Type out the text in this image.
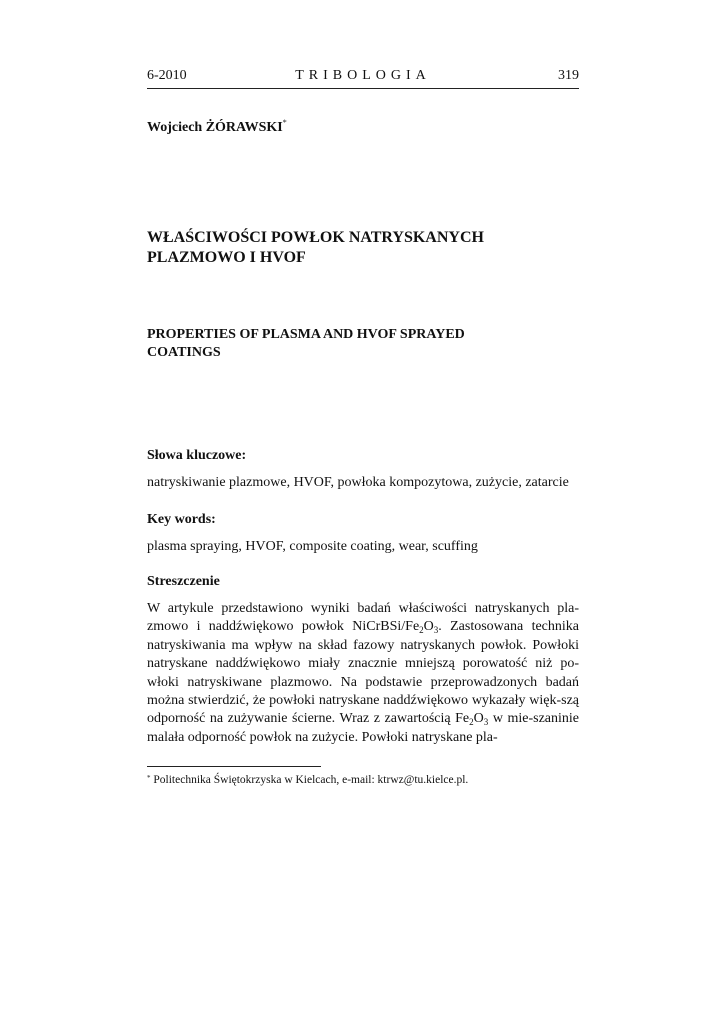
6-2010	TRIBOLOGIA	319
Wojciech ŻÓRAWSKI*
WŁAŚCIWOŚCI POWŁOK NATRYSKANYCH
PLAZMOWO I HVOF
PROPERTIES OF PLASMA AND HVOF SPRAYED
COATINGS
Słowa kluczowe:
natryskiwanie plazmowe, HVOF, powłoka kompozytowa, zużycie, zatarcie
Key words:
plasma spraying, HVOF, composite coating, wear, scuffing
Streszczenie
W artykule przedstawiono wyniki badań właściwości natryskanych pla-zmowo i naddźwiękowo powłok NiCrBSi/$Fe_2O_3$. Zastosowana technika natryskiwania ma wpływ na skład fazowy natryskanych powłok. Powłoki natryskane naddźwiękowo miały znacznie mniejszą porowatość niż po-włoki natryskiwane plazmowo. Na podstawie przeprowadzonych badań można stwierdzić, że powłoki natryskane naddźwiękowo wykazały więk-szą odporność na zużywanie ścierne. Wraz z zawartością $Fe_2O_3$ w mie-szaninie malała odporność powłok na zużycie. Powłoki natryskane pla-
* Politechnika Świętokrzyska w Kielcach, e-mail: ktrwz@tu.kielce.pl.
